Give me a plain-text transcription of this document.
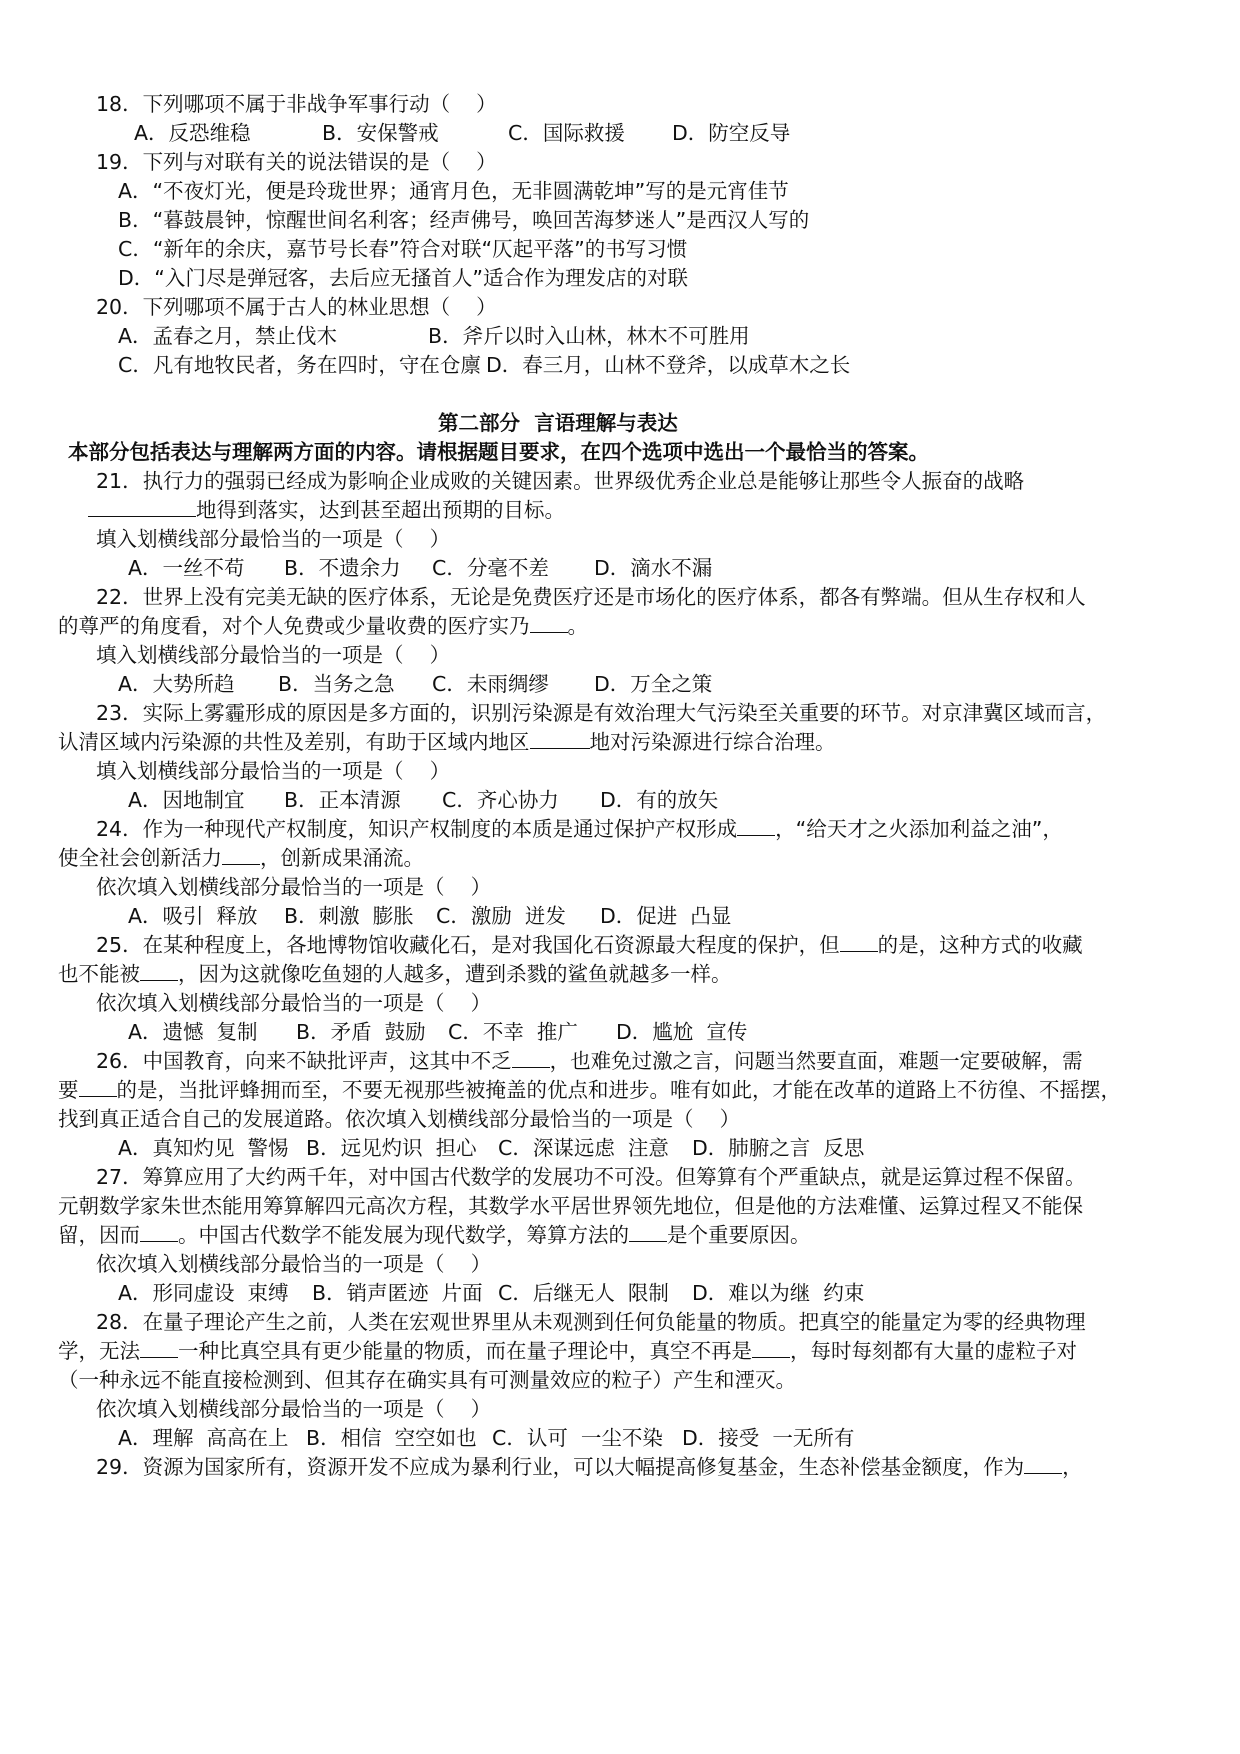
18．下列哪项不属于非战争军事行动（    ）
A．反恐维稳	B．安保警戒	C．国际救援 D．防空反导
19．下列与对联有关的说法错误的是（    ）
A．“不夜灯光，便是玲珑世界；通宵月色，无非圆满乾坤”写的是元宵佳节
B．“暮鼓晨钟，惊醒世间名利客；经声佛号，唤回苦海梦迷人”是西汉人写的
C．“新年的余庆，嘉节号长春”符合对联“仄起平落”的书写习惯
D．“入门尽是弹冠客，去后应无搔首人”适合作为理发店的对联
20．下列哪项不属于古人的林业思想（    ）
A．孟春之月，禁止伐木	B．斧斤以时入山林，林木不可胜用
C．凡有地牧民者，务在四时，守在仓廪 D．春三月，山林不登斧，以成草木之长
第二部分  言语理解与表达
本部分包括表达与理解两方面的内容。请根据题目要求，在四个选项中选出一个最恰当的答案。
21．执行力的强弱已经成为影响企业成败的关键因素。世界级优秀企业总是能够让那些令人振奋的战略
地得到落实，达到甚至超出预期的目标。
填入划横线部分最恰当的一项是（    ）
A．一丝不苟 B．不遗余力 C．分毫不差 D．滴水不漏
22．世界上没有完美无缺的医疗体系，无论是免费医疗还是市场化的医疗体系，都各有弊端。但从生存权和人
的尊严的角度看，对个人免费或少量收费的医疗实乃 。
填入划横线部分最恰当的一项是（    ）
A．大势所趋 B．当务之急 C．未雨绸缪 D．万全之策
23．实际上雾霾形成的原因是多方面的，识别污染源是有效治理大气污染至关重要的环节。对京津冀区域而言，
认清区域内污染源的共性及差别，有助于区域内地区	地对污染源进行综合治理。
填入划横线部分最恰当的一项是（    ）
A．因地制宜 B．正本清源 C．齐心协力 D．有的放矢
24．作为一种现代产权制度，知识产权制度的本质是通过保护产权形成 ，“给天才之火添加利益之油”，
使全社会创新活力 ，创新成果涌流。
依次填入划横线部分最恰当的一项是（    ）
A．吸引  释放 B．刺激  膨胀 C．激励  迸发 D．促进  凸显
25．在某种程度上，各地博物馆收藏化石，是对我国化石资源最大程度的保护，但 的是，这种方式的收藏
也不能被 ，因为这就像吃鱼翅的人越多，遭到杀戮的鲨鱼就越多一样。
依次填入划横线部分最恰当的一项是（    ）
A．遗憾  复制 B．矛盾  鼓励 C．不幸  推广 D．尴尬  宣传
26．中国教育，向来不缺批评声，这其中不乏 ，也难免过激之言，问题当然要直面，难题一定要破解，需
要 的是，当批评蜂拥而至，不要无视那些被掩盖的优点和进步。唯有如此，才能在改革的道路上不彷徨、不摇摆，
找到真正适合自己的发展道路。依次填入划横线部分最恰当的一项是（    ）
A．真知灼见  警惕 B．远见灼识  担心 C．深谋远虑  注意 D．肺腑之言  反思
27．筹算应用了大约两千年，对中国古代数学的发展功不可没。但筹算有个严重缺点，就是运算过程不保留。
元朝数学家朱世杰能用筹算解四元高次方程，其数学水平居世界领先地位，但是他的方法难懂、运算过程又不能保
留，因而 。中国古代数学不能发展为现代数学，筹算方法的 是个重要原因。
依次填入划横线部分最恰当的一项是（    ）
A．形同虚设  束缚 B．销声匿迹  片面 C．后继无人  限制 D．难以为继  约束
28．在量子理论产生之前，人类在宏观世界里从未观测到任何负能量的物质。把真空的能量定为零的经典物理
学，无法 一种比真空具有更少能量的物质，而在量子理论中，真空不再是 ，每时每刻都有大量的虚粒子对
（一种永远不能直接检测到、但其存在确实具有可测量效应的粒子）产生和湮灭。
依次填入划横线部分最恰当的一项是（    ）
A．理解  高高在上 B．相信  空空如也 C．认可  一尘不染 D．接受  一无所有
29．资源为国家所有，资源开发不应成为暴利行业，可以大幅提高修复基金，生态补偿基金额度，作为 ，
